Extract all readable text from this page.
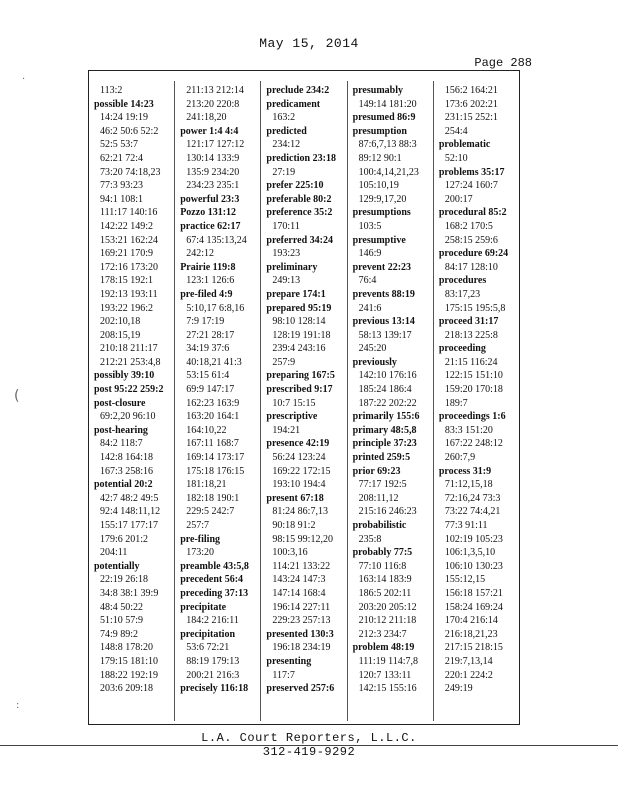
May 15, 2014
Page 288
·
(
:
113:2
possible 14:23
14:24 19:19
46:2 50:6 52:2
52:5 53:7
62:21 72:4
73:20 74:18,23
77:3 93:23
94:1 108:1
111:17 140:16
142:22 149:2
153:21 162:24
169:21 170:9
172:16 173:20
178:15 192:1
192:13 193:11
193:22 196:2
202:10,18
208:15,19
210:18 211:17
212:21 253:4,8
possibly 39:10
post 95:22 259:2
post-closure
69:2,20 96:10
post-hearing
84:2 118:7
142:8 164:18
167:3 258:16
potential 20:2
42:7 48:2 49:5
92:4 148:11,12
155:17 177:17
179:6 201:2
204:11
potentially
22:19 26:18
34:8 38:1 39:9
48:4 50:22
51:10 57:9
74:9 89:2
148:8 178:20
179:15 181:10
188:22 192:19
203:6 209:18
211:13 212:14
213:20 220:8
241:18,20
power 1:4 4:4
121:17 127:12
130:14 133:9
135:9 234:20
234:23 235:1
powerful 23:3
Pozzo 131:12
practice 62:17
67:4 135:13,24
242:12
Prairie 119:8
123:1 126:6
pre-filed 4:9
5:10,17 6:8,16
7:9 17:19
27:21 28:17
34:19 37:6
40:18,21 41:3
53:15 61:4
69:9 147:17
162:23 163:9
163:20 164:1
164:10,22
167:11 168:7
169:14 173:17
175:18 176:15
181:18,21
182:18 190:1
229:5 242:7
257:7
pre-filing
173:20
preamble 43:5,8
precedent 56:4
preceding 37:13
precipitate
184:2 216:11
precipitation
53:6 72:21
88:19 179:13
200:21 216:3
precisely 116:18
preclude 234:2
predicament
163:2
predicted
234:12
prediction 23:18
27:19
prefer 225:10
preferable 80:2
preference 35:2
170:11
preferred 34:24
193:23
preliminary
249:13
prepare 174:1
prepared 95:19
98:10 128:14
128:19 191:18
239:4 243:16
257:9
preparing 167:5
prescribed 9:17
10:7 15:15
prescriptive
194:21
presence 42:19
56:24 123:24
169:22 172:15
193:10 194:4
present 67:18
81:24 86:7,13
90:18 91:2
98:15 99:12,20
100:3,16
114:21 133:22
143:24 147:3
147:14 168:4
196:14 227:11
229:23 257:13
presented 130:3
196:18 234:19
presenting
117:7
preserved 257:6
presumably
149:14 181:20
presumed 86:9
presumption
87:6,7,13 88:3
89:12 90:1
100:4,14,21,23
105:10,19
129:9,17,20
presumptions
103:5
presumptive
146:9
prevent 22:23
76:4
prevents 88:19
241:6
previous 13:14
58:13 139:17
245:20
previously
142:10 176:16
185:24 186:4
187:22 202:22
primarily 155:6
primary 48:5,8
principle 37:23
printed 259:5
prior 69:23
77:17 192:5
208:11,12
215:16 246:23
probabilistic
235:8
probably 77:5
77:10 116:8
163:14 183:9
186:5 202:11
203:20 205:12
210:12 211:18
212:3 234:7
problem 48:19
111:19 114:7,8
120:7 133:11
142:15 155:16
156:2 164:21
173:6 202:21
231:15 252:1
254:4
problematic
52:10
problems 35:17
127:24 160:7
200:17
procedural 85:2
168:2 170:5
258:15 259:6
procedure 69:24
84:17 128:10
procedures
83:17,23
175:15 195:5,8
proceed 31:17
218:13 225:8
proceeding
21:15 116:24
122:15 151:10
159:20 170:18
189:7
proceedings 1:6
83:3 151:20
167:22 248:12
260:7,9
process 31:9
71:12,15,18
72:16,24 73:3
73:22 74:4,21
77:3 91:11
102:19 105:23
106:1,3,5,10
106:10 130:23
155:12,15
156:18 157:21
158:24 169:24
170:4 216:14
216:18,21,23
217:15 218:15
219:7,13,14
220:1 224:2
249:19
L.A. Court Reporters, L.L.C.
312-419-9292
